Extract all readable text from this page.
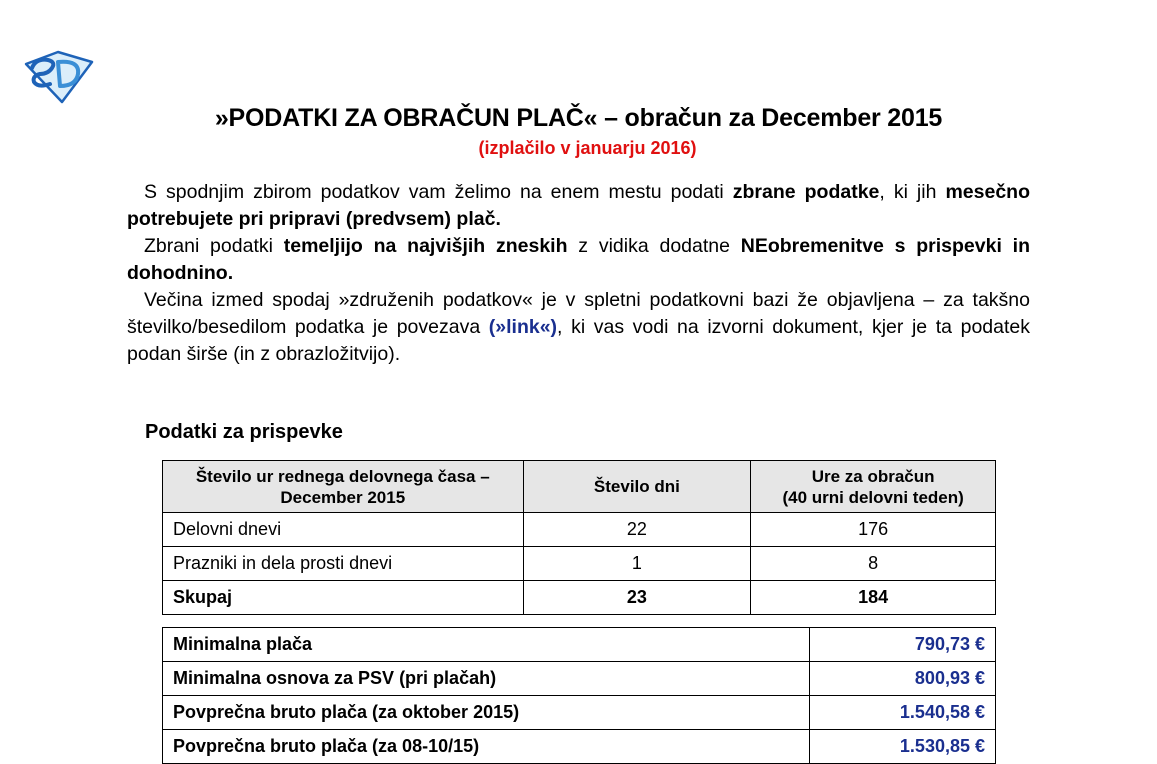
»PODATKI ZA OBRAČUN PLAČ« – obračun za December 2015
(izplačilo v januarju 2016)

S spodnjim zbirom podatkov vam želimo na enem mestu podati zbrane podatke, ki jih mesečno potrebujete pri pripravi (predvsem) plač.

Zbrani podatki temeljijo na najvišjih zneskih z vidika dodatne NEobremenitve s prispevki in dohodnino.

Večina izmed spodaj »združenih podatkov« je v spletni podatkovni bazi že objavljena – za takšno številko/besedilom podatka je povezava (»link«), ki vas vodi na izvorni dokument, kjer je ta podatek podan širše (in z obrazložitvijo).

Podatki za prispevke
Število ur rednega delovnega časa –
December 2015	Število dni	Ure za obračun
(40 urni delovni teden)
Delovni dnevi	22	176
Prazniki in dela prosti dnevi	1	8
Skupaj	23	184
Minimalna plača	790,73 €
Minimalna osnova za PSV (pri plačah)	800,93 €
Povprečna bruto plača (za oktober 2015)	1.540,58 €
Povprečna bruto plača (za 08-10/15)	1.530,85 €
